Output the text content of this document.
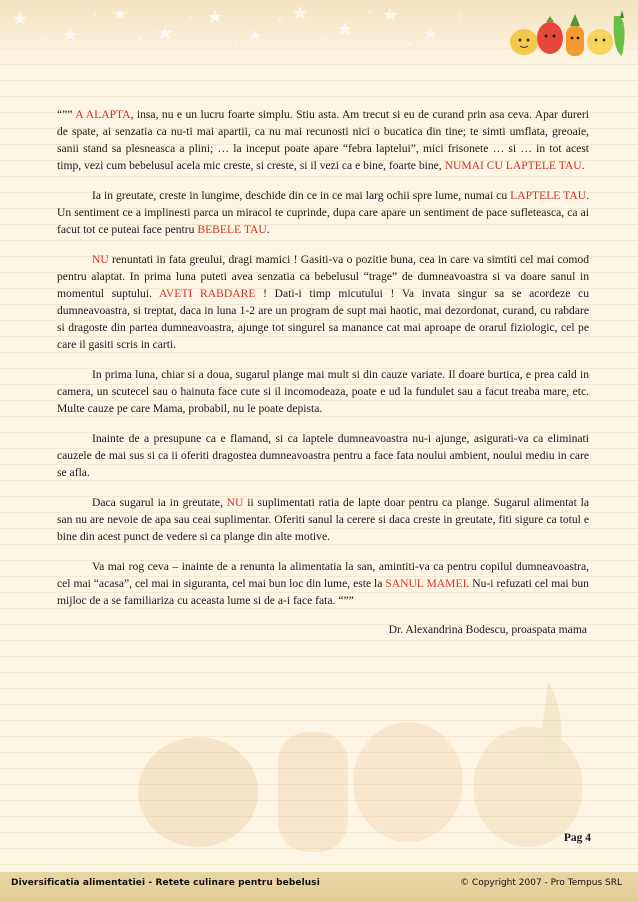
“”” A ALAPTA, insa, nu e un lucru foarte simplu. Stiu asta. Am trecut si eu de curand prin asa ceva. Apar dureri de spate, ai senzatia ca nu-ti mai apartii, ca nu mai recunosti nici o bucatica din tine; te simti umflata, greoaie, sanii stand sa plesneasca a plini; … la inceput poate apare “febra laptelui”, mici frisonete … si … in tot acest timp, vezi cum bebelusul acela mic creste, si creste, si il vezi ca e bine, foarte bine, NUMAI CU LAPTELE TAU.

Ia in greutate, creste in lungime, deschide din ce in ce mai larg ochii spre lume, numai cu LAPTELE TAU. Un sentiment ce a implinesti parca un miracol te cuprinde, dupa care apare un sentiment de pace sufleteasca, ca ai facut tot ce puteai face pentru BEBELE TAU.

NU renuntati in fata greului, dragi mamici ! Gasiti-va o pozitie buna, cea in care va simtiti cel mai comod pentru alaptat. In prima luna puteti avea senzatia ca bebelusul “trage” de dumneavoastra si va doare sanul in momentul suptului. AVETI RABDARE ! Dati-i timp micutului ! Va invata singur sa se acordeze cu dumneavoastra, si treptat, daca in luna 1-2 are un program de supt mai haotic, mai dezordonat, curand, cu rabdare si dragoste din partea dumneavoastra, ajunge tot singurel sa manance cat mai aproape de orarul fiziologic, cel pe care il gasiti scris in carti.

In prima luna, chiar si a doua, sugarul plange mai mult si din cauze variate. Il doare burtica, e prea cald in camera, un scutecel sau o hainuta face cute si il incomodeaza, poate e ud la fundulet sau a facut treaba mare, etc. Multe cauze pe care Mama, probabil, nu le poate depista.

Inainte de a presupune ca e flamand, si ca laptele dumneavoastra nu-i ajunge, asigurati-va ca eliminati cauzele de mai sus si ca ii oferiti dragostea dumneavoastra pentru a face fata noului ambient, noului mediu in care se afla.

Daca sugarul ia in greutate, NU ii suplimentati ratia de lapte doar pentru ca plange. Sugarul alimentat la san nu are nevoie de apa sau ceai suplimentar. Oferiti sanul la cerere si daca creste in greutate, fiti sigure ca totul e bine din acest punct de vedere si ca plange din alte motive.

Va mai rog ceva – inainte de a renunta la alimentatia la san, amintiti-va ca pentru copilul dumneavoastra, cel mai “acasa”, cel mai in siguranta, cel mai bun loc din lume, este la SANUL MAMEI. Nu-i refuzati cel mai bun mijloc de a se familiariza cu aceasta lume si de a-i face fata. “””

Dr. Alexandrina Bodescu, proaspata mama
Pag 4
Diversificatia alimentatiei - Retete culinare pentru bebelusi	© Copyright 2007 - Pro Tempus SRL
